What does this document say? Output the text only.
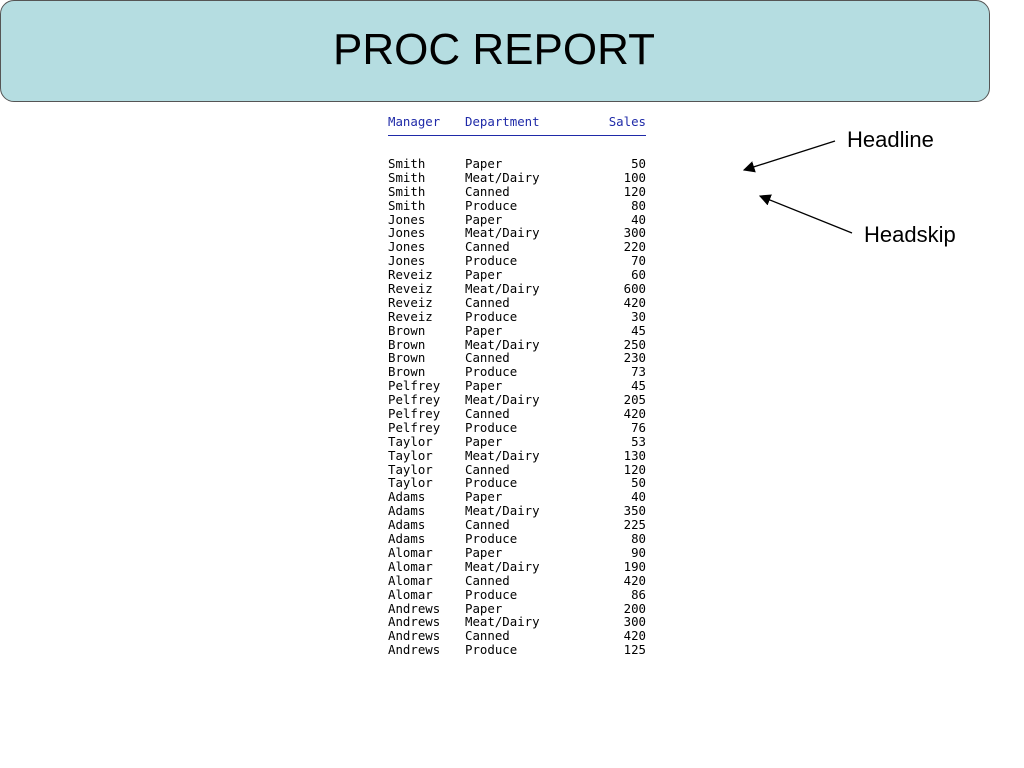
PROC REPORT
Manager	Department	Sales
Smith	Paper	50
Smith	Meat/Dairy	100
Smith	Canned	120
Smith	Produce	80
Jones	Paper	40
Jones	Meat/Dairy	300
Jones	Canned	220
Jones	Produce	70
Reveiz	Paper	60
Reveiz	Meat/Dairy	600
Reveiz	Canned	420
Reveiz	Produce	30
Brown	Paper	45
Brown	Meat/Dairy	250
Brown	Canned	230
Brown	Produce	73
Pelfrey	Paper	45
Pelfrey	Meat/Dairy	205
Pelfrey	Canned	420
Pelfrey	Produce	76
Taylor	Paper	53
Taylor	Meat/Dairy	130
Taylor	Canned	120
Taylor	Produce	50
Adams	Paper	40
Adams	Meat/Dairy	350
Adams	Canned	225
Adams	Produce	80
Alomar	Paper	90
Alomar	Meat/Dairy	190
Alomar	Canned	420
Alomar	Produce	86
Andrews	Paper	200
Andrews	Meat/Dairy	300
Andrews	Canned	420
Andrews	Produce	125
Headline
Headskip
